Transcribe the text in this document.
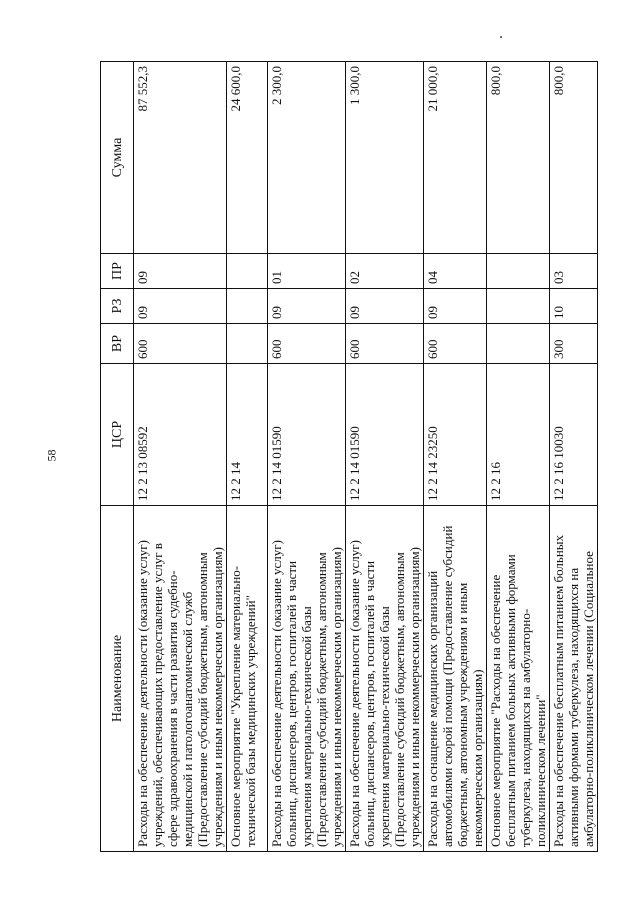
58
Наименование	ЦСР	ВР	РЗ	ПР	Сумма
Расходы на обеспечение деятельности (оказание услуг) учреждений, обеспечивающих предоставление услуг в сфере здравоохранения в части развития судебно-медицинской и патологоанатомической служб (Предоставление субсидий бюджетным, автономным учреждениям и иным некоммерческим организациям)	12 2 13 08592	600	09	09	87 552,3
Основное мероприятие "Укрепление материально-технической базы медицинских учреждений"	12 2 14				24 600,0
Расходы на обеспечение деятельности (оказание услуг) больниц, диспансеров, центров, госпиталей в части укрепления материально-технической базы (Предоставление субсидий бюджетным, автономным учреждениям и иным некоммерческим организациям)	12 2 14 01590	600	09	01	2 300,0
Расходы на обеспечение деятельности (оказание услуг) больниц, диспансеров, центров, госпиталей в части укрепления материально-технической базы (Предоставление субсидий бюджетным, автономным учреждениям и иным некоммерческим организациям)	12 2 14 01590	600	09	02	1 300,0
Расходы на оснащение медицинских организаций автомобилями скорой помощи (Предоставление субсидий бюджетным, автономным учреждениям и иным некоммерческим организациям)	12 2 14 23250	600	09	04	21 000,0
Основное мероприятие "Расходы на обеспечение бесплатным питанием больных активными формами туберкулеза, находящихся на амбулаторно-поликлиническом лечении"	12 2 16				800,0
Расходы на обеспечение бесплатным питанием больных активными формами туберкулеза, находящихся на амбулаторно-поликлиническом лечении (Социальное	12 2 16 10030	300	10	03	800,0
